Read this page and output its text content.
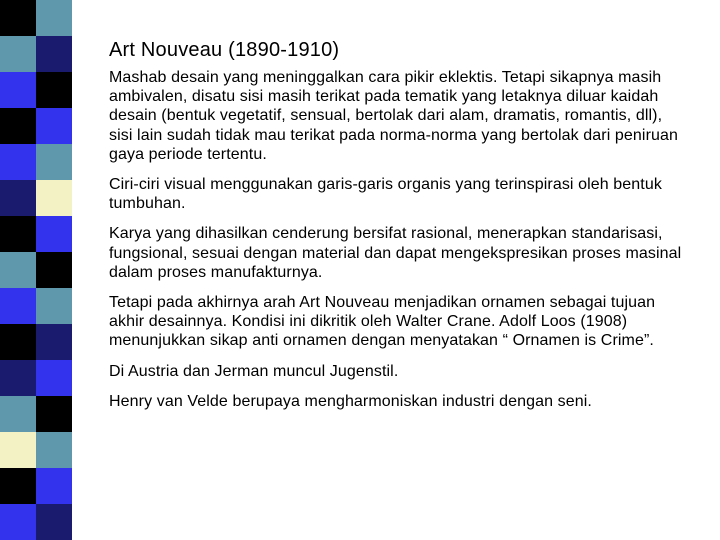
Art Nouveau (1890-1910)
Mashab desain yang meninggalkan cara pikir eklektis. Tetapi sikapnya masih ambivalen, disatu sisi masih terikat pada tematik yang letaknya diluar kaidah desain (bentuk vegetatif, sensual, bertolak dari alam, dramatis, romantis, dll), sisi lain sudah tidak mau terikat pada norma-norma yang bertolak dari peniruan gaya periode tertentu.
Ciri-ciri visual menggunakan garis-garis organis yang terinspirasi oleh bentuk tumbuhan.
Karya yang dihasilkan cenderung bersifat rasional, menerapkan standarisasi, fungsional, sesuai dengan material dan dapat mengekspresikan proses masinal dalam proses manufakturnya.
Tetapi pada akhirnya arah Art Nouveau menjadikan ornamen sebagai tujuan akhir desainnya. Kondisi ini dikritik oleh Walter Crane. Adolf Loos (1908) menunjukkan sikap anti ornamen dengan menyatakan “ Ornamen is Crime”.
Di Austria dan Jerman muncul Jugenstil.
Henry van Velde berupaya mengharmoniskan industri dengan seni.
